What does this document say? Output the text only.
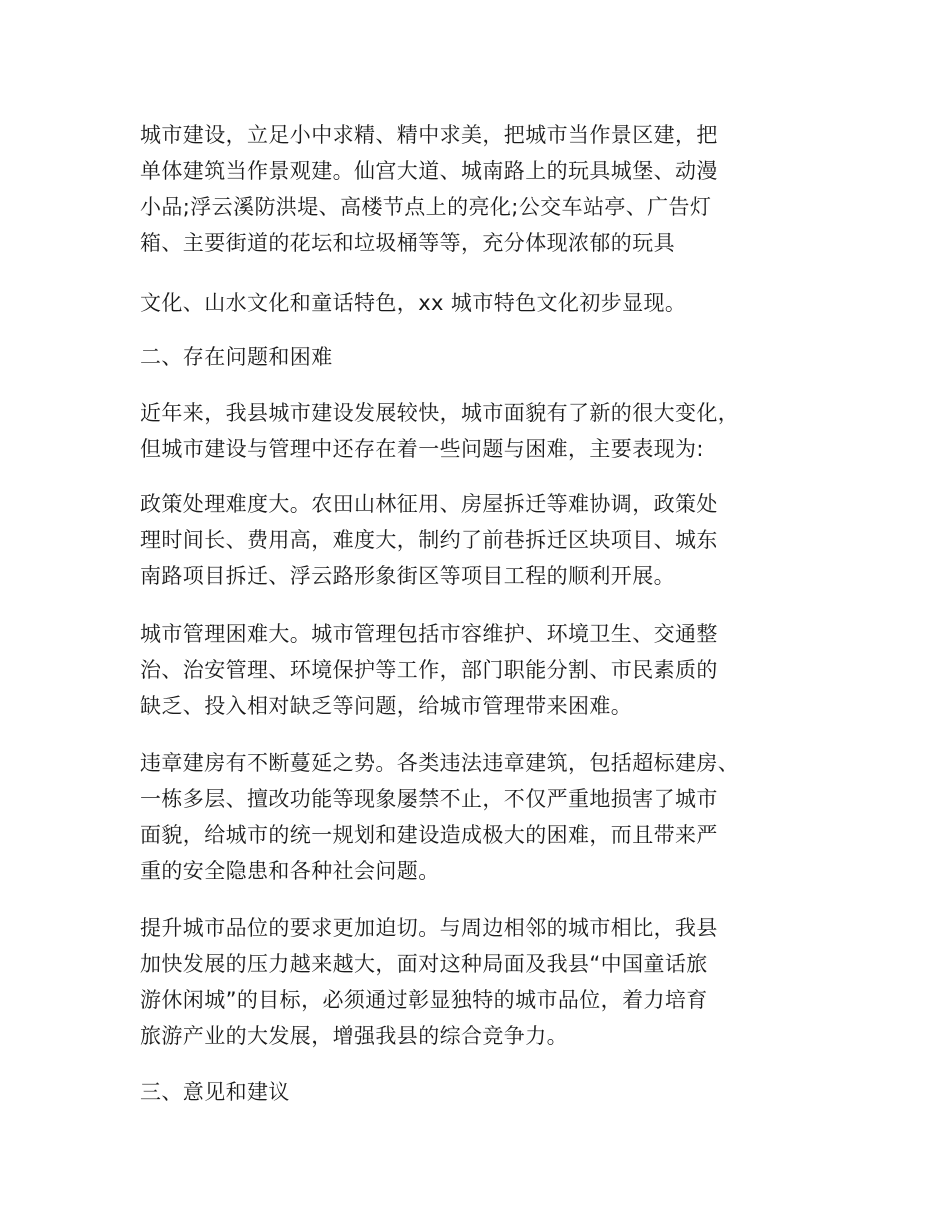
城市建设，立足小中求精、精中求美，把城市当作景区建，把

单体建筑当作景观建。仙宫大道、城南路上的玩具城堡、动漫

小品;浮云溪防洪堤、高楼节点上的亮化;公交车站亭、广告灯

箱、主要街道的花坛和垃圾桶等等，充分体现浓郁的玩具

文化、山水文化和童话特色，xx 城市特色文化初步显现。

二、存在问题和困难

近年来，我县城市建设发展较快，城市面貌有了新的很大变化，

但城市建设与管理中还存在着一些问题与困难，主要表现为:

政策处理难度大。农田山林征用、房屋拆迁等难协调，政策处

理时间长、费用高，难度大，制约了前巷拆迁区块项目、城东

南路项目拆迁、浮云路形象街区等项目工程的顺利开展。

城市管理困难大。城市管理包括市容维护、环境卫生、交通整

治、治安管理、环境保护等工作，部门职能分割、市民素质的

缺乏、投入相对缺乏等问题，给城市管理带来困难。

违章建房有不断蔓延之势。各类违法违章建筑，包括超标建房、

一栋多层、擅改功能等现象屡禁不止，不仅严重地损害了城市

面貌，给城市的统一规划和建设造成极大的困难，而且带来严

重的安全隐患和各种社会问题。

提升城市品位的要求更加迫切。与周边相邻的城市相比，我县

加快发展的压力越来越大，面对这种局面及我县“中国童话旅

游休闲城”的目标，必须通过彰显独特的城市品位，着力培育

旅游产业的大发展，增强我县的综合竞争力。

三、意见和建议
